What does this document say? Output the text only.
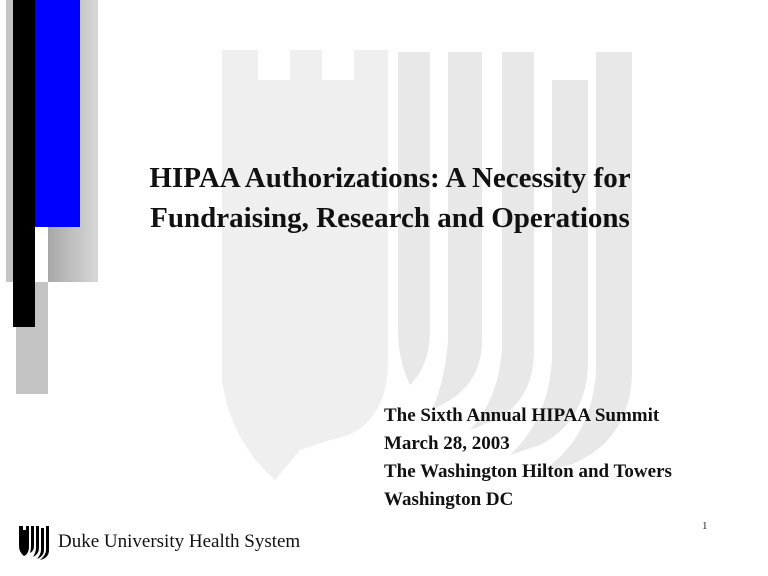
HIPAA Authorizations: A Necessity for
Fundraising, Research and Operations
The Sixth Annual HIPAA Summit
March 28, 2003
The Washington Hilton and Towers
Washington DC
1
Duke University Health System
